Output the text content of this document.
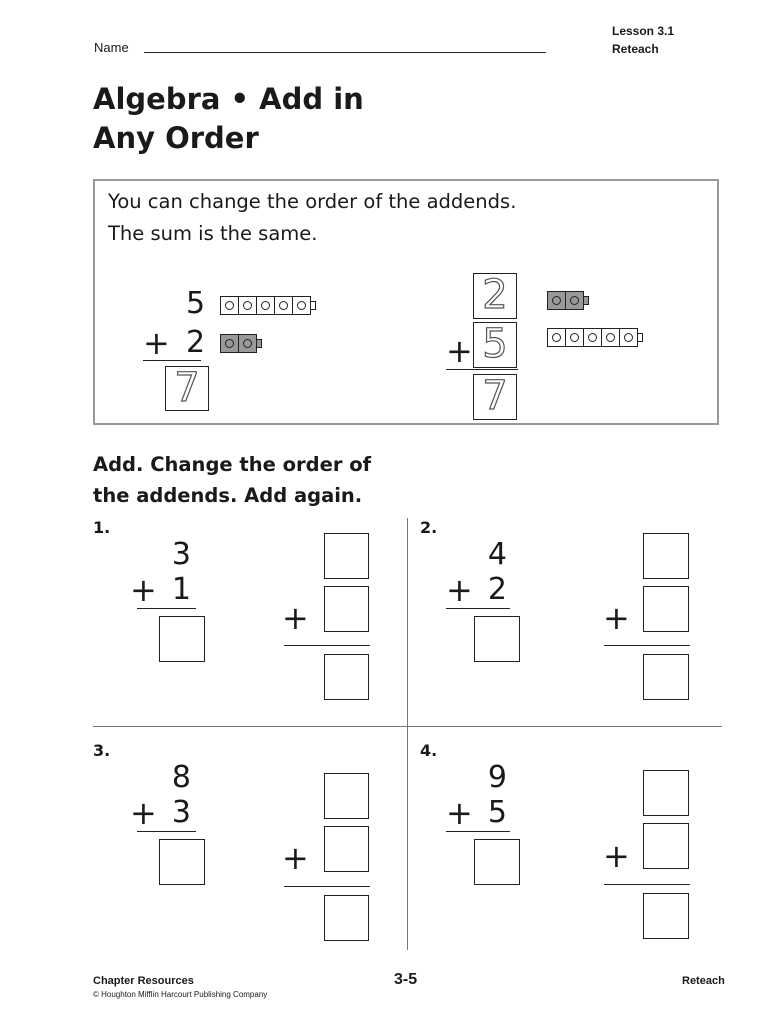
Lesson 3.1
Reteach
Name
Algebra • Add in
Any Order
You can change the order of the addends.
The sum is the same.
5
+ 2
7
2
+ 5
7
Add. Change the order of
the addends. Add again.
1.
3
+ 1
+
2.
4
+ 2
+
3.
8
+ 3
+
4.
9
+ 5
+
Chapter Resources
© Houghton Mifflin Harcourt Publishing Company
3-5	Reteach
